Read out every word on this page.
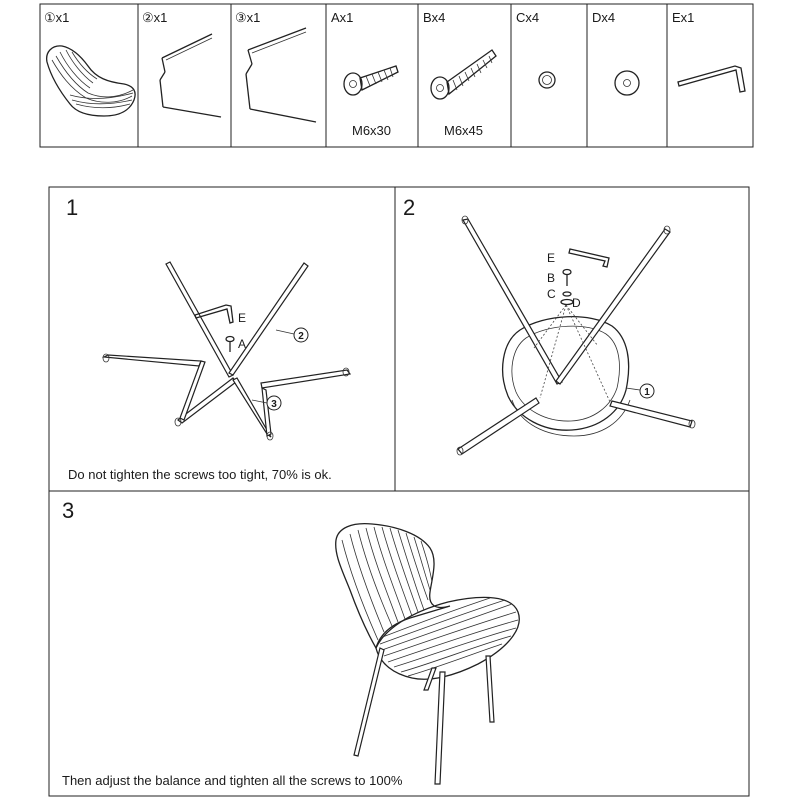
①x1	②x1	③x1	Ax1	Bx4	Cx4	Dx4	Ex1
M6x30	M6x45
1
E
A
2
3
Do not tighten the screws too tight, 70% is ok.
2
E
B
C
D
1
3
Then adjust the balance and tighten all the screws to 100%
